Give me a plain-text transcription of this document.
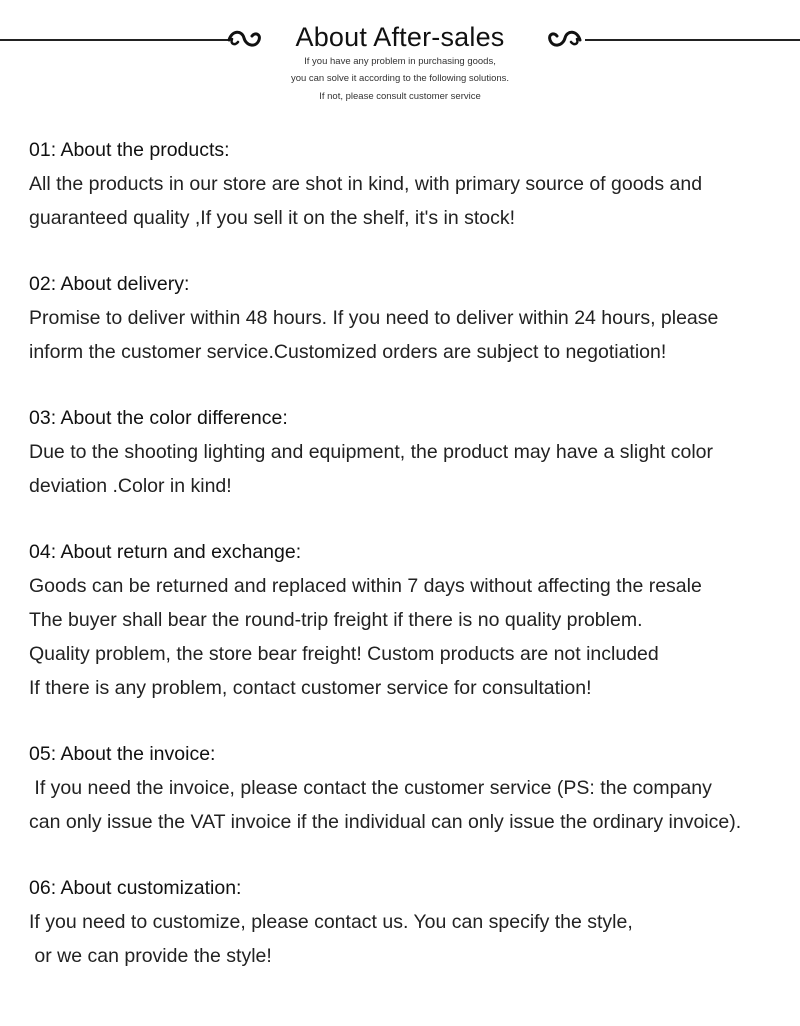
About After-sales
If you have any problem in purchasing goods,
you can solve it according to the following solutions.
If not, please consult customer service

01: About the products:

All the products in our store are shot in kind, with primary source of goods and

guaranteed quality ,If you sell it on the shelf, it's in stock!

02: About delivery:

Promise to deliver within 48 hours. If you need to deliver within 24 hours, please

inform the customer service.Customized orders are subject to negotiation!

03: About the color difference:

Due to the shooting lighting and equipment, the product may have a slight color

deviation .Color in kind!

04: About return and exchange:

Goods can be returned and replaced within 7 days without affecting the resale

The buyer shall bear the round-trip freight if there is no quality problem.

Quality problem, the store bear freight! Custom products are not included

If there is any problem, contact customer service for consultation!

05: About the invoice:

If you need the invoice, please contact the customer service (PS: the company

can only issue the VAT invoice if the individual can only issue the ordinary invoice).

06: About customization:

If you need to customize, please contact us. You can specify the style,

or we can provide the style!
